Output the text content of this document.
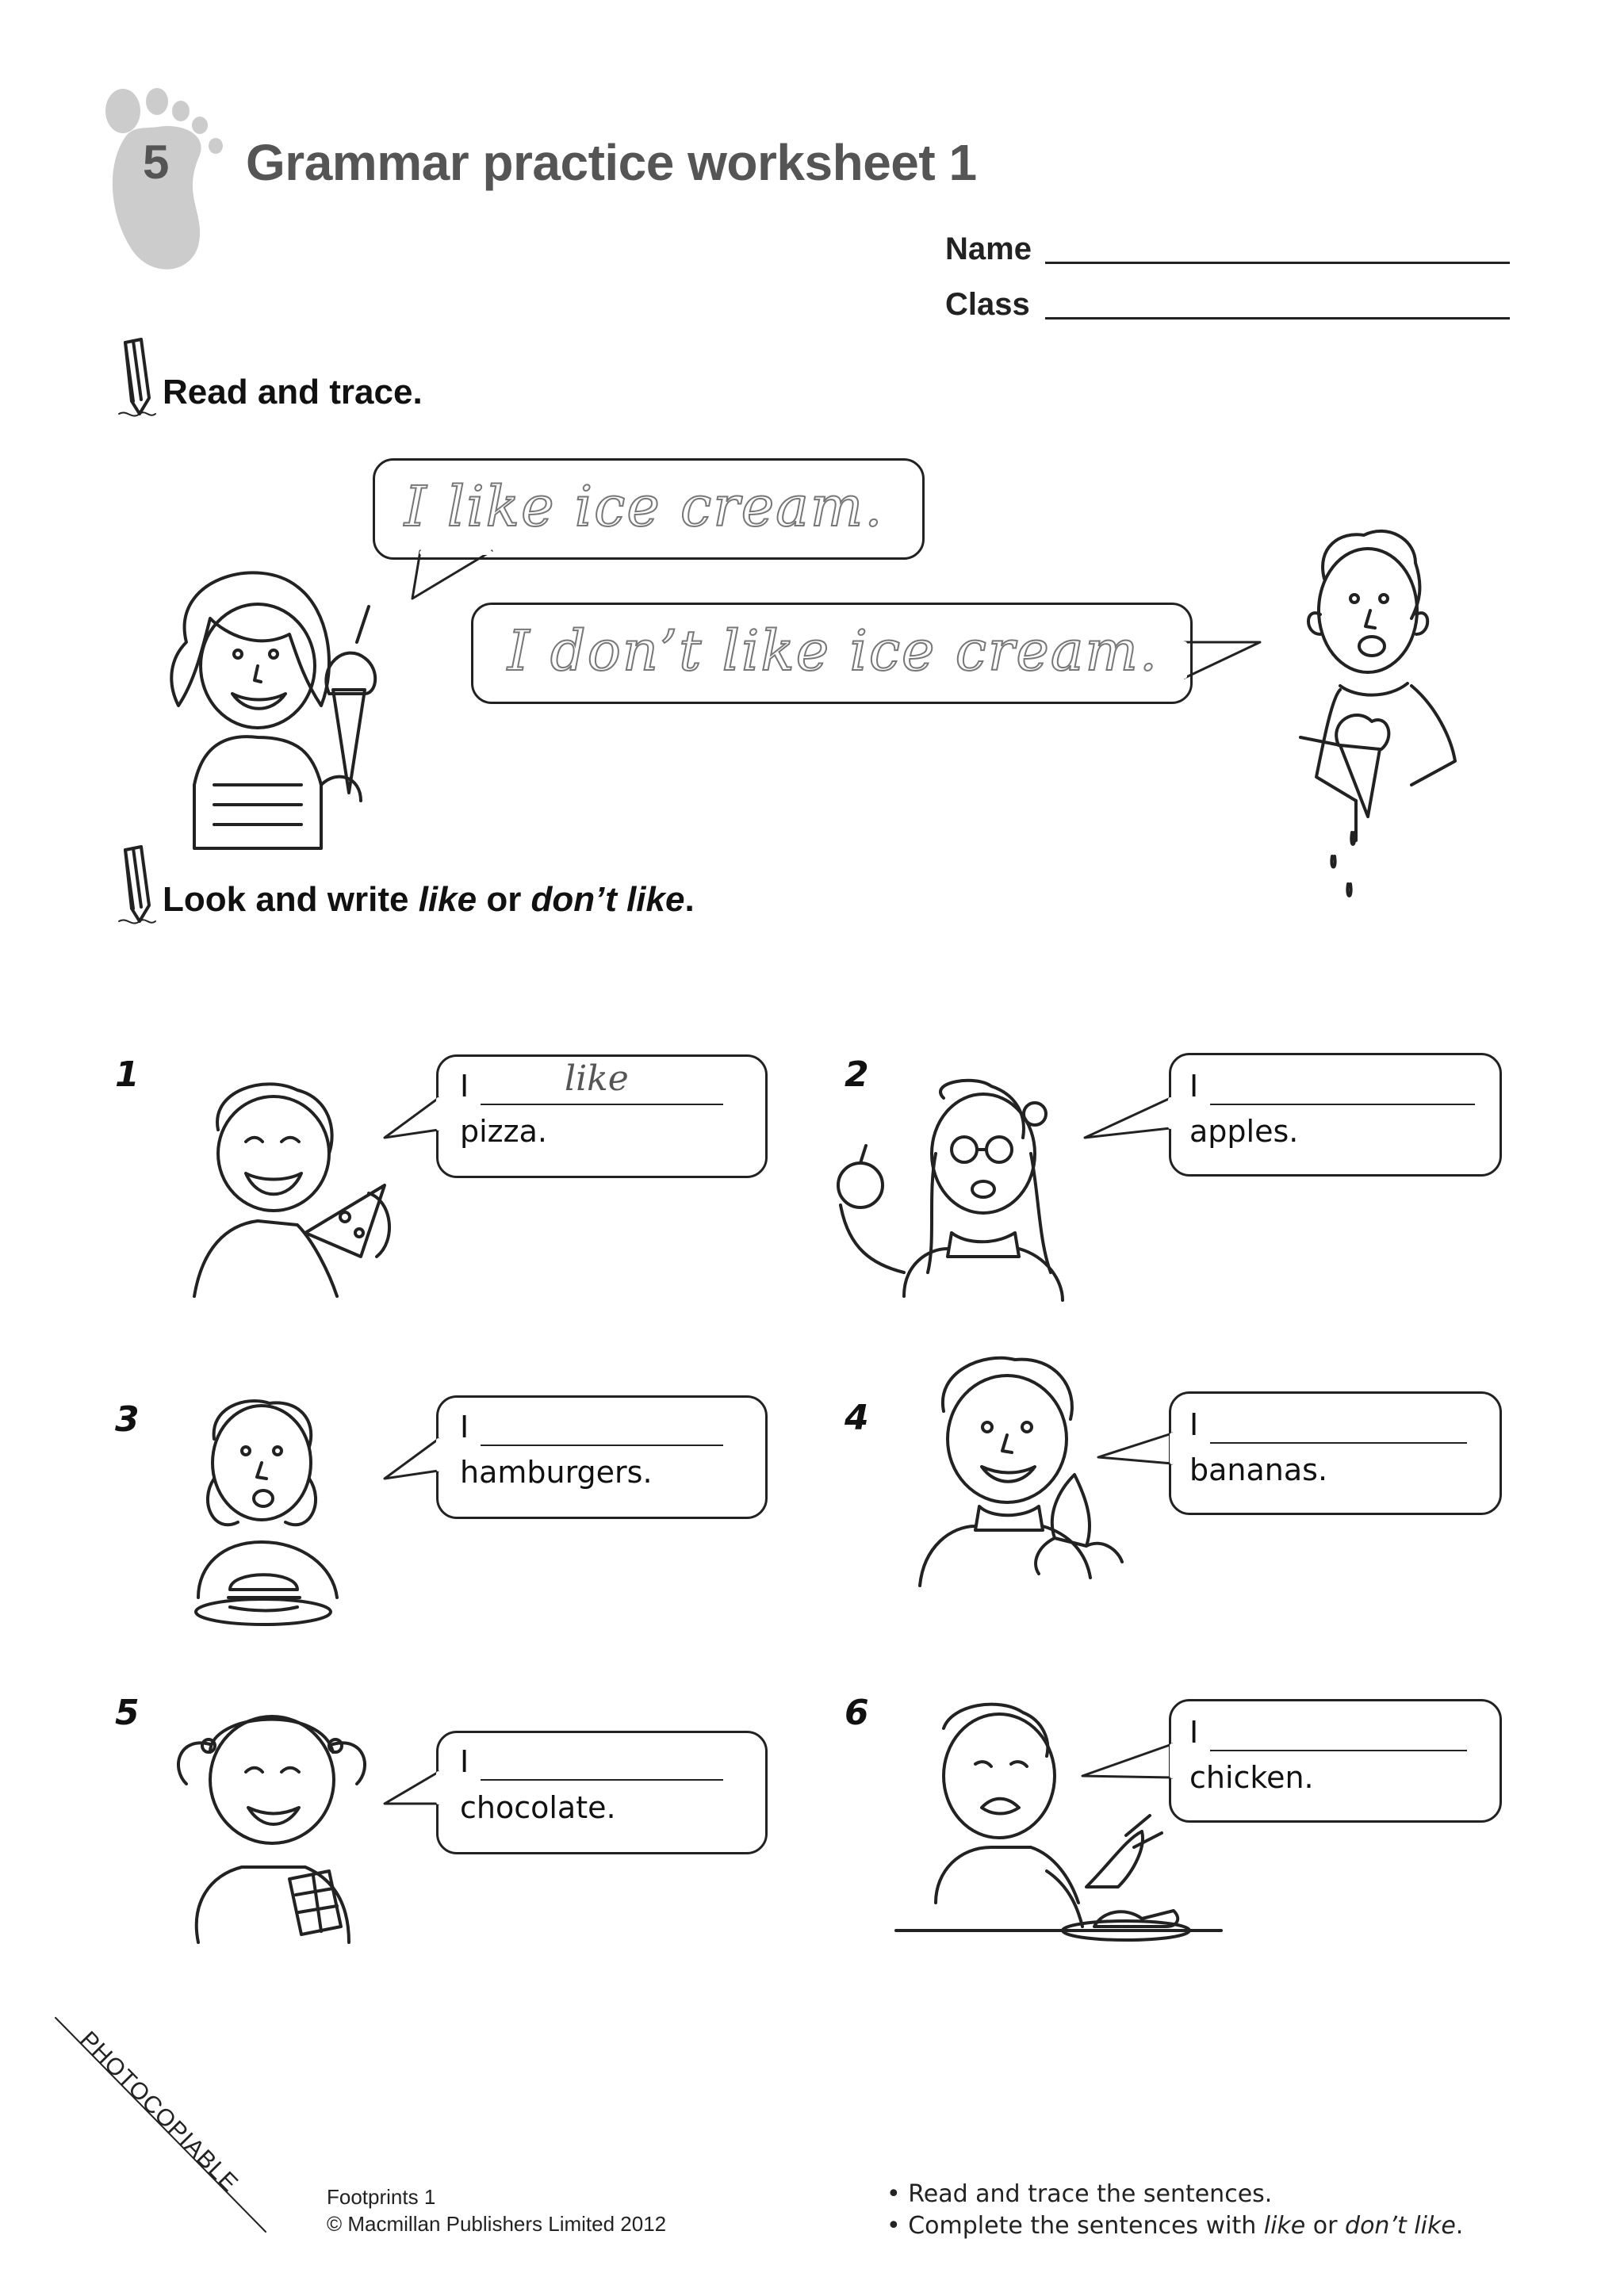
5 Grammar practice worksheet 1
Name
Class
Read and trace.
I like ice cream.
I don’t like ice cream.
Look and write like or don’t like.
1	I	like
pizza.
2	I
apples.
3	I
hamburgers.
4	I
bananas.
5
I
chocolate.
6	I
chicken.
PHOTOCOPIABLE	Footprints 1
© Macmillan Publishers Limited 2012
• Read and trace the sentences.
• Complete the sentences with like or don’t like.
